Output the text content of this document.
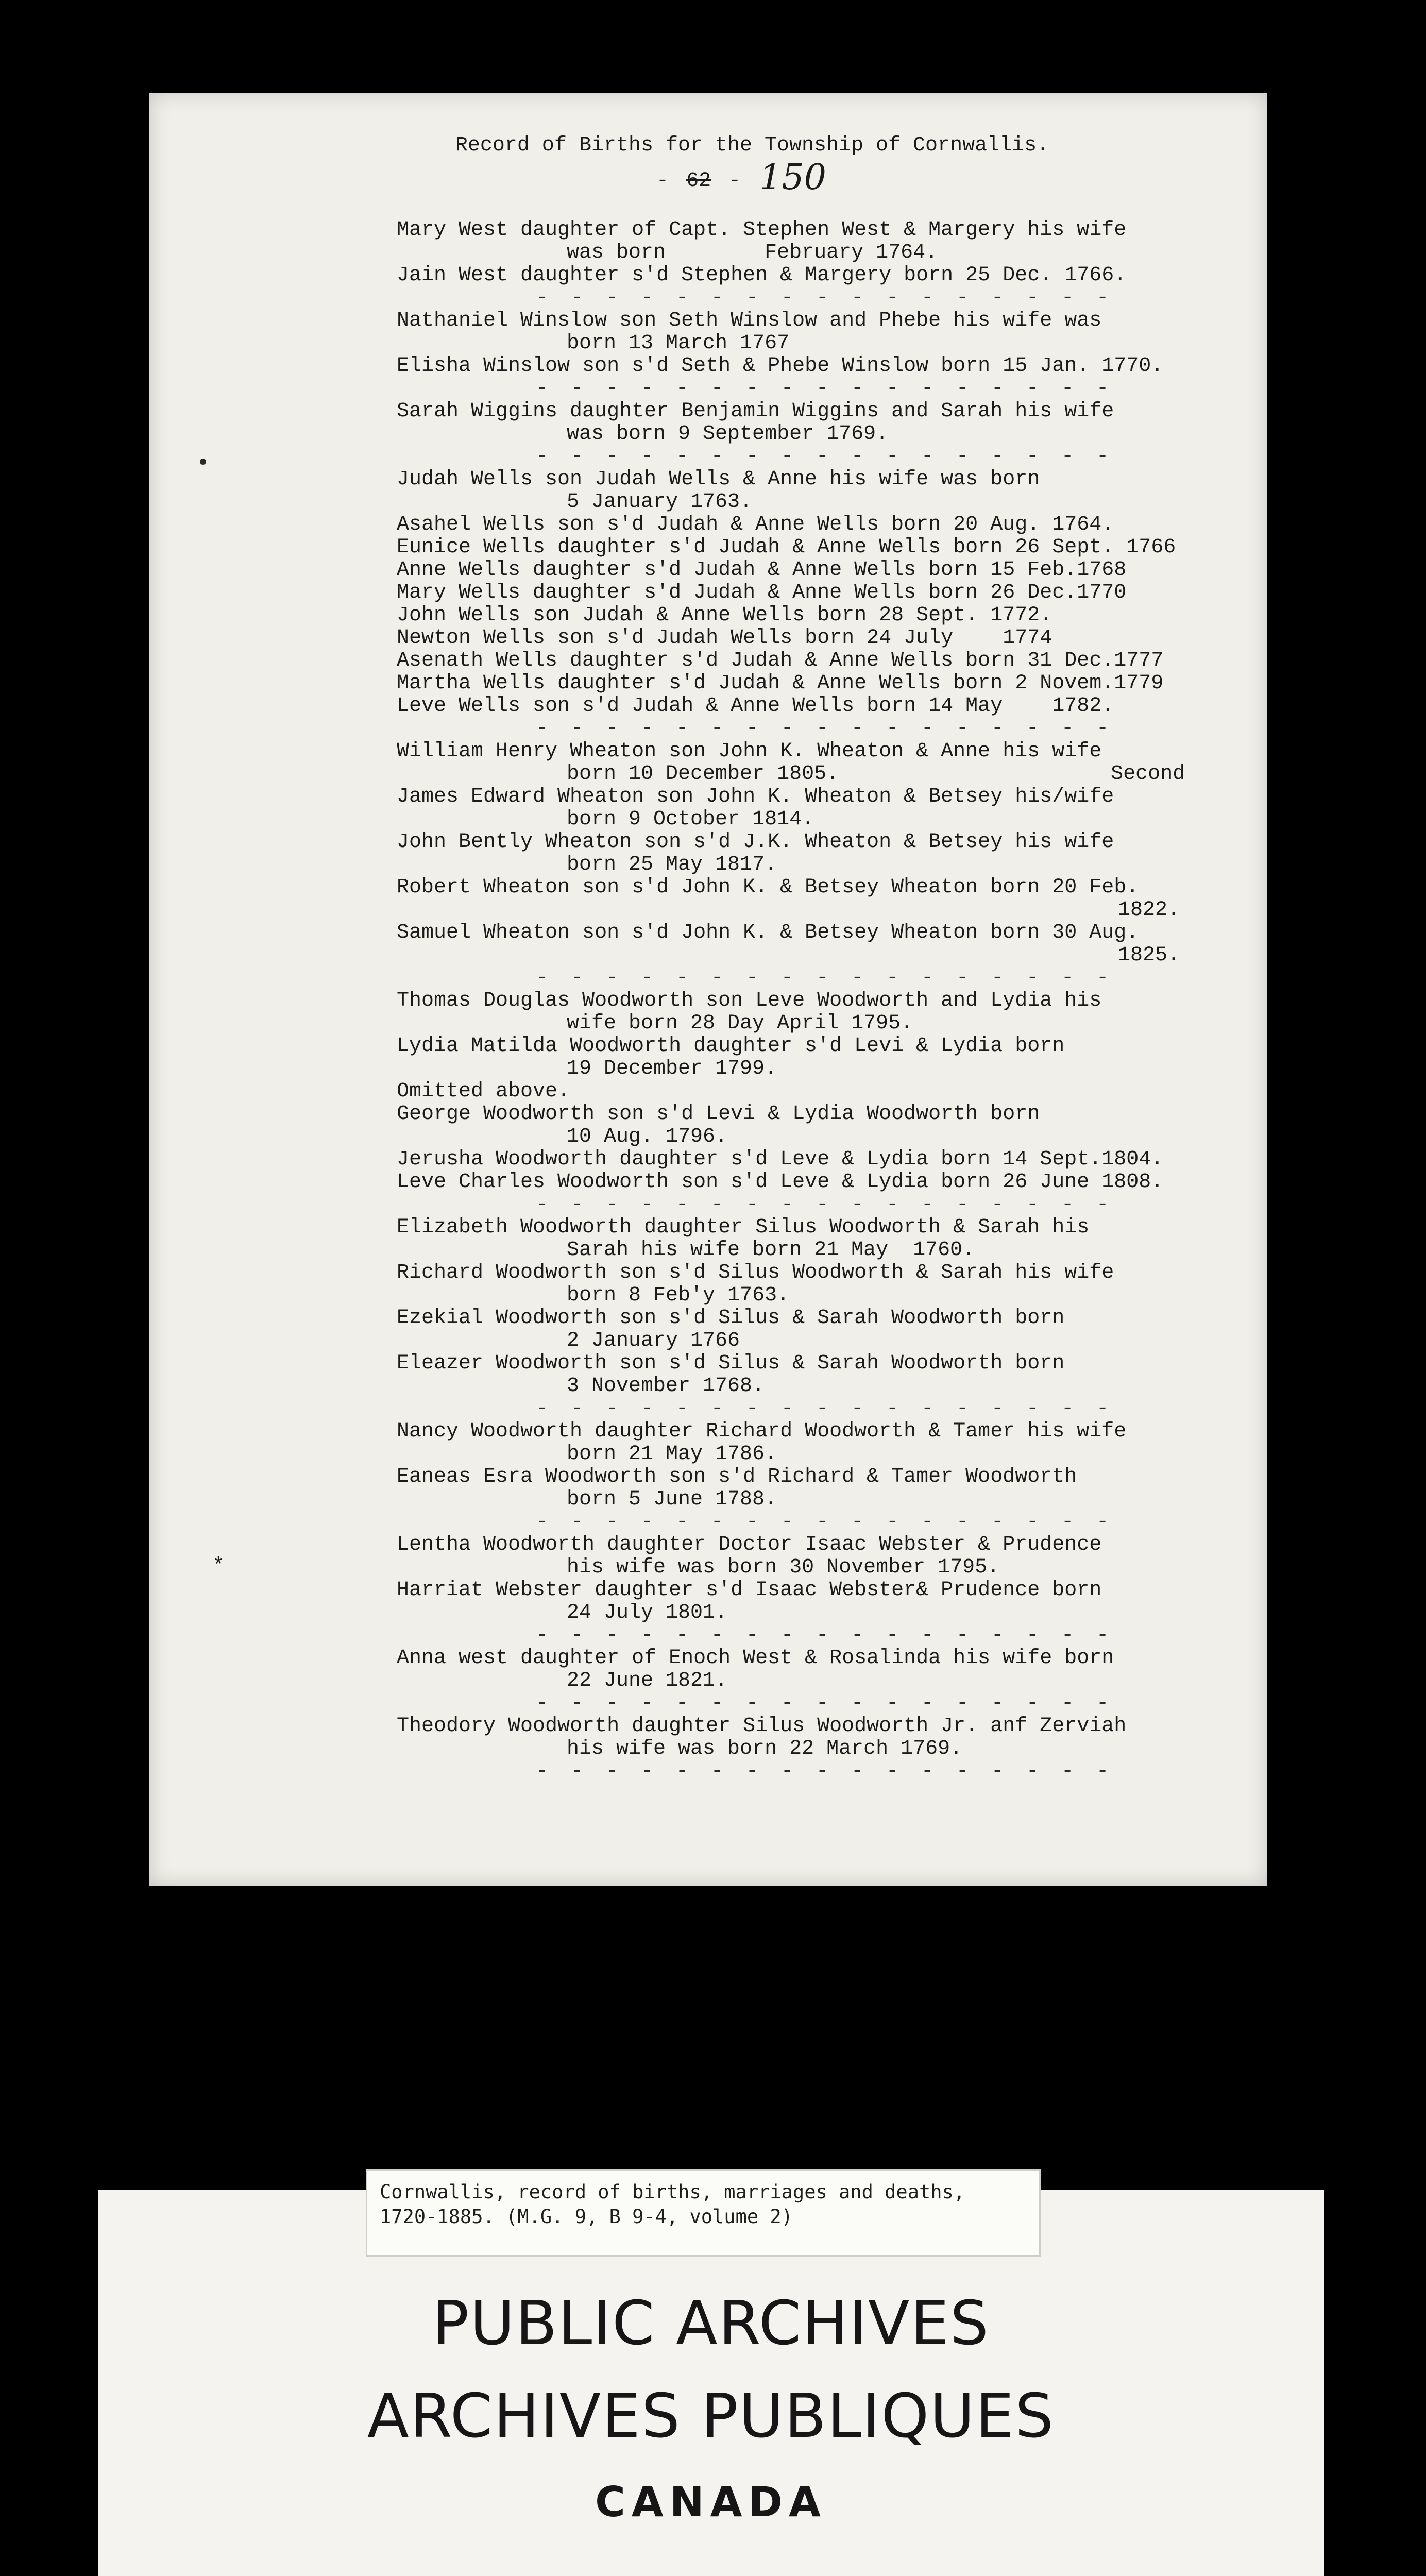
Record of Births for the Township of Cornwallis.
- 62 - 150
Mary West daughter of Capt. Stephen West & Margery his wife
was born        February 1764.
Jain West daughter s'd Stephen & Margery born 25 Dec. 1766.
- - - - - - - - - - - - - - - - -
Nathaniel Winslow son Seth Winslow and Phebe his wife was
born 13 March 1767
Elisha Winslow son s'd Seth & Phebe Winslow born 15 Jan. 1770.
- - - - - - - - - - - - - - - - -
Sarah Wiggins daughter Benjamin Wiggins and Sarah his wife
was born 9 September 1769.
- - - - - - - - - - - - - - - - -
Judah Wells son Judah Wells & Anne his wife was born
5 January 1763.
Asahel Wells son s'd Judah & Anne Wells born 20 Aug. 1764.
Eunice Wells daughter s'd Judah & Anne Wells born 26 Sept. 1766
Anne Wells daughter s'd Judah & Anne Wells born 15 Feb.1768
Mary Wells daughter s'd Judah & Anne Wells born 26 Dec.1770
John Wells son Judah & Anne Wells born 28 Sept. 1772.
Newton Wells son s'd Judah Wells born 24 July    1774
Asenath Wells daughter s'd Judah & Anne Wells born 31 Dec.1777
Martha Wells daughter s'd Judah & Anne Wells born 2 Novem.1779
Leve Wells son s'd Judah & Anne Wells born 14 May    1782.
- - - - - - - - - - - - - - - - -
William Henry Wheaton son John K. Wheaton & Anne his wife
born 10 December 1805.                      Second
James Edward Wheaton son John K. Wheaton & Betsey his/wife
born 9 October 1814.
John Bently Wheaton son s'd J.K. Wheaton & Betsey his wife
born 25 May 1817.
Robert Wheaton son s'd John K. & Betsey Wheaton born 20 Feb.
1822.
Samuel Wheaton son s'd John K. & Betsey Wheaton born 30 Aug.
1825.
- - - - - - - - - - - - - - - - -
Thomas Douglas Woodworth son Leve Woodworth and Lydia his
wife born 28 Day April 1795.
Lydia Matilda Woodworth daughter s'd Levi & Lydia born
19 December 1799.
Omitted above.
George Woodworth son s'd Levi & Lydia Woodworth born
10 Aug. 1796.
Jerusha Woodworth daughter s'd Leve & Lydia born 14 Sept.1804.
Leve Charles Woodworth son s'd Leve & Lydia born 26 June 1808.
- - - - - - - - - - - - - - - - -
Elizabeth Woodworth daughter Silus Woodworth & Sarah his
Sarah his wife born 21 May  1760.
Richard Woodworth son s'd Silus Woodworth & Sarah his wife
born 8 Feb'y 1763.
Ezekial Woodworth son s'd Silus & Sarah Woodworth born
2 January 1766
Eleazer Woodworth son s'd Silus & Sarah Woodworth born
3 November 1768.
- - - - - - - - - - - - - - - - -
Nancy Woodworth daughter Richard Woodworth & Tamer his wife
born 21 May 1786.
Eaneas Esra Woodworth son s'd Richard & Tamer Woodworth
born 5 June 1788.
- - - - - - - - - - - - - - - - -
Lentha Woodworth daughter Doctor Isaac Webster & Prudence
his wife was born 30 November 1795.
Harriat Webster daughter s'd Isaac Webster& Prudence born
24 July 1801.
- - - - - - - - - - - - - - - - -
Anna west daughter of Enoch West & Rosalinda his wife born
22 June 1821.
- - - - - - - - - - - - - - - - -
Theodory Woodworth daughter Silus Woodworth Jr. anf Zerviah
his wife was born 22 March 1769.
- - - - - - - - - - - - - - - - -
*
Cornwallis, record of births, marriages and deaths,
1720-1885. (M.G. 9, B 9-4, volume 2)
PUBLIC ARCHIVES
ARCHIVES PUBLIQUES
CANADA
